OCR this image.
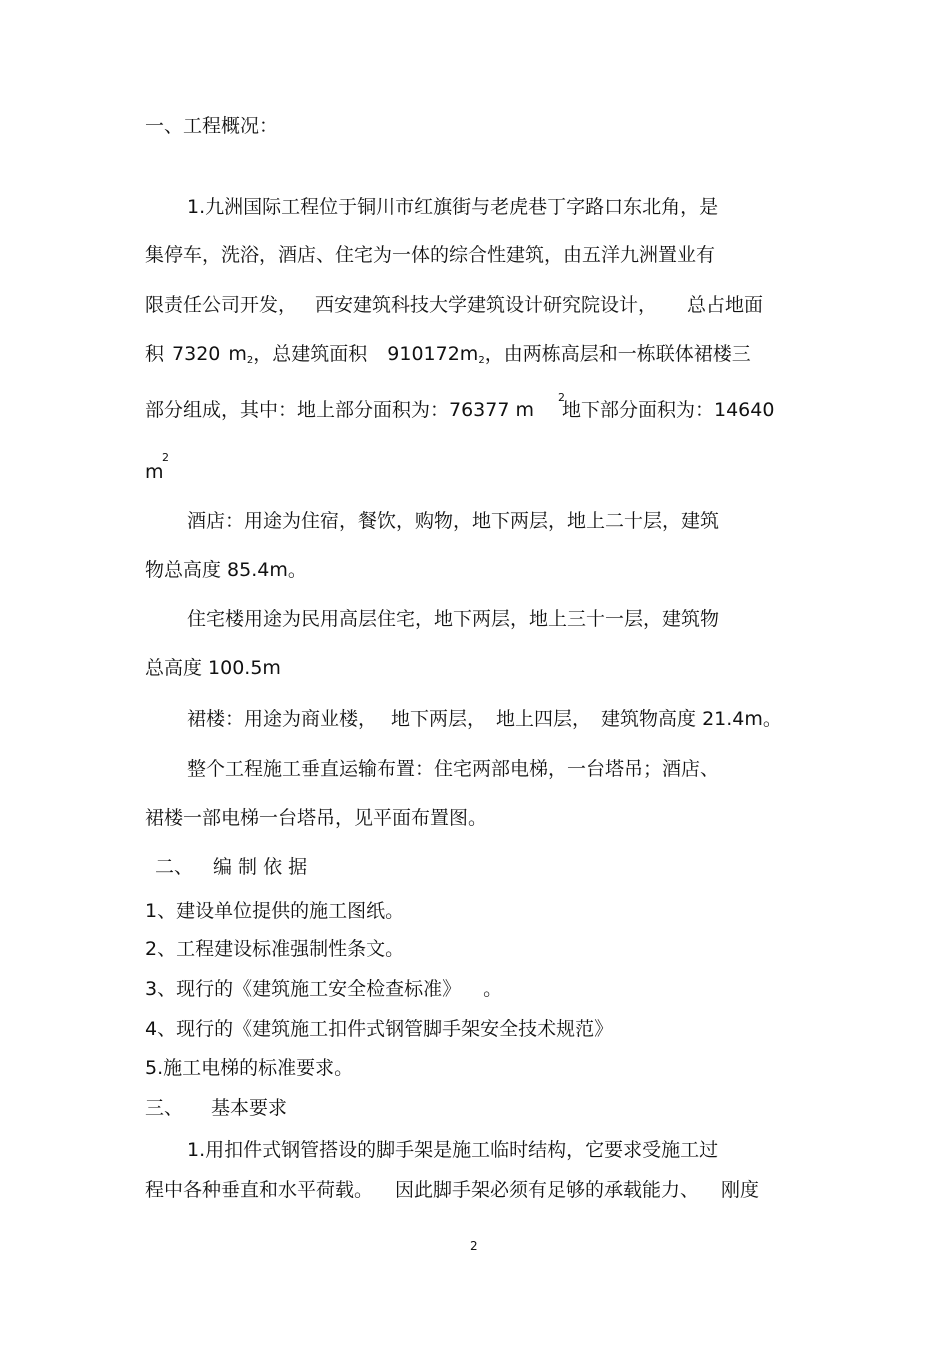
一、工程概况：
1.九洲国际工程位于铜川市红旗街与老虎巷丁字路口东北角，是
集停车，洗浴，酒店、住宅为一体的综合性建筑，由五洋九洲置业有
限责任公司开发， 西安建筑科技大学建筑设计研究院设计， 总占地面
积 7320 $m_2$，总建筑面积 $910172m_2$，由两栋高层和一栋联体裙楼三
部分组成，其中：地上部分面积为：76377 m 地下部分面积为：14640
2
m
2
酒店：用途为住宿，餐饮，购物，地下两层，地上二十层，建筑
物总高度 85.4m。
住宅楼用途为民用高层住宅，地下两层，地上三十一层，建筑物
总高度 100.5m
裙楼：用途为商业楼， 地下两层， 地上四层， 建筑物高度 21.4m。
整个工程施工垂直运输布置：住宅两部电梯，一台塔吊；酒店、
裙楼一部电梯一台塔吊，见平面布置图。
二、 编 制 依 据
1、建设单位提供的施工图纸。
2、工程建设标准强制性条文。
3、现行的《建筑施工安全检查标准》 。
4、现行的《建筑施工扣件式钢管脚手架安全技术规范》
5.施工电梯的标准要求。
三、 基本要求
1.用扣件式钢管搭设的脚手架是施工临时结构，它要求受施工过
程中各种垂直和水平荷载。 因此脚手架必须有足够的承载能力、 刚度
2
